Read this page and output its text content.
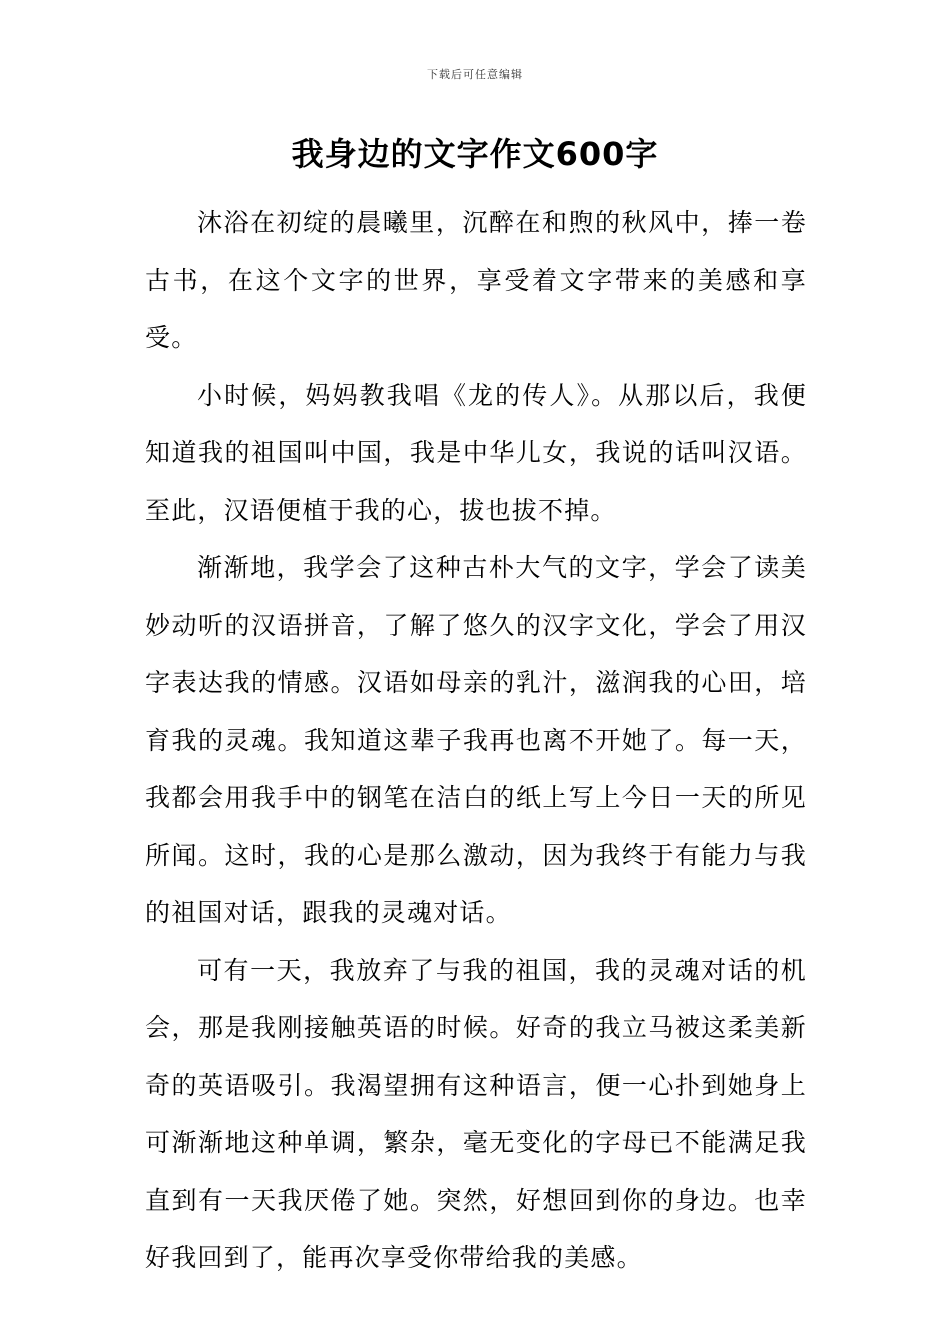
下载后可任意编辑
我身边的文字作文600字

沐浴在初绽的晨曦里，沉醉在和煦的秋风中，捧一卷古书，在这个文字的世界，享受着文字带来的美感和享受。

小时候，妈妈教我唱《龙的传人》。从那以后，我便知道我的祖国叫中国，我是中华儿女，我说的话叫汉语。至此，汉语便植于我的心，拔也拔不掉。

渐渐地，我学会了这种古朴大气的文字，学会了读美妙动听的汉语拼音，了解了悠久的汉字文化，学会了用汉字表达我的情感。汉语如母亲的乳汁，滋润我的心田，培育我的灵魂。我知道这辈子我再也离不开她了。每一天，我都会用我手中的钢笔在洁白的纸上写上今日一天的所见所闻。这时，我的心是那么激动，因为我终于有能力与我的祖国对话，跟我的灵魂对话。

可有一天，我放弃了与我的祖国，我的灵魂对话的机会，那是我刚接触英语的时候。好奇的我立马被这柔美新奇的英语吸引。我渴望拥有这种语言，便一心扑到她身上可渐渐地这种单调，繁杂，毫无变化的字母已不能满足我直到有一天我厌倦了她。突然，好想回到你的身边。也幸好我回到了，能再次享受你带给我的美感。
